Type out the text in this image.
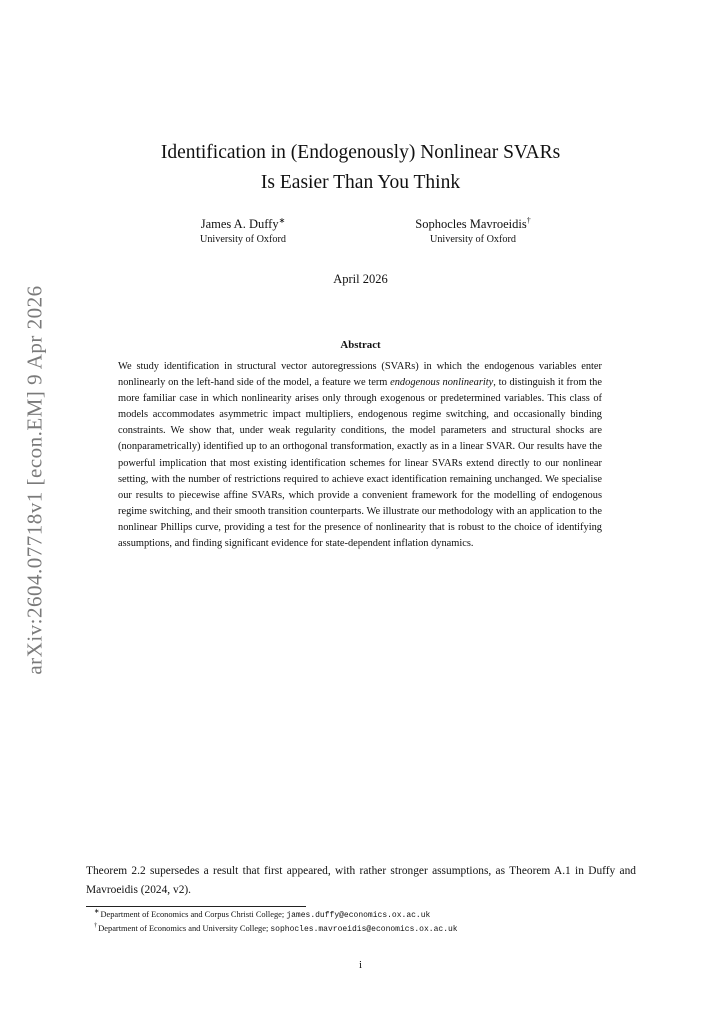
arXiv:2604.07718v1 [econ.EM] 9 Apr 2026
Identification in (Endogenously) Nonlinear SVARs
Is Easier Than You Think
James A. Duffy∗
University of Oxford
Sophocles Mavroeidis†
University of Oxford
April 2026
Abstract

We study identification in structural vector autoregressions (SVARs) in which the endogenous variables enter nonlinearly on the left-hand side of the model, a feature we term endogenous nonlinearity, to distinguish it from the more familiar case in which nonlinearity arises only through exogenous or predetermined variables. This class of models accommodates asymmetric impact multipliers, endogenous regime switching, and occasionally binding constraints. We show that, under weak regularity conditions, the model parameters and structural shocks are (nonparametrically) identified up to an orthogonal transformation, exactly as in a linear SVAR. Our results have the powerful implication that most existing identification schemes for linear SVARs extend directly to our nonlinear setting, with the number of restrictions required to achieve exact identification remaining unchanged. We specialise our results to piecewise affine SVARs, which provide a convenient framework for the modelling of endogenous regime switching, and their smooth transition counterparts. We illustrate our methodology with an application to the nonlinear Phillips curve, providing a test for the presence of nonlinearity that is robust to the choice of identifying assumptions, and finding significant evidence for state-dependent inflation dynamics.

Theorem 2.2 supersedes a result that first appeared, with rather stronger assumptions, as Theorem A.1 in Duffy and Mavroeidis (2024, v2).

∗Department of Economics and Corpus Christi College; james.duffy@economics.ox.ac.uk
†Department of Economics and University College; sophocles.mavroeidis@economics.ox.ac.uk
i
